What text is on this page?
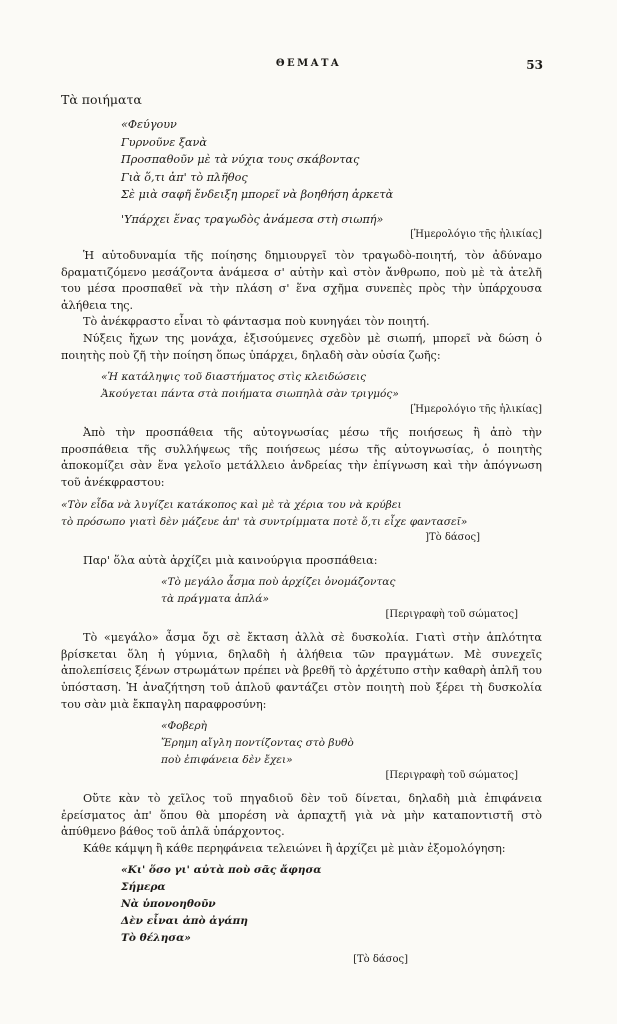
ΘΕΜΑΤΑ	53

Τὰ ποιήματα

«Φεύγουν
Γυρνοῦνε ξανὰ
Προσπαθοῦν μὲ τὰ νύχια τους σκάβοντας
Γιὰ ὅ,τι ἀπ' τὸ πλῆθος
Σὲ μιὰ σαφῆ ἔνδειξη μπορεῖ νὰ βοηθήση ἀρκετὰ
'Υπάρχει ἕνας τραγωδὸς ἀνάμεσα στὴ σιωπή»
[Ἡμερολόγιο τῆς ἡλικίας]

Ἡ αὐτοδυναμία τῆς ποίησης δημιουργεῖ τὸν τραγωδὸ-ποιητή, τὸν ἀδύναμο δραματιζόμενο μεσάζοντα ἀνάμεσα σ' αὐτὴν καὶ στὸν ἄνθρωπο, ποὺ μὲ τὰ ἀτελῆ του μέσα προσπαθεῖ νὰ τὴν πλάση σ' ἕνα σχῆμα συνεπὲς πρὸς τὴν ὑπάρχουσα ἀλήθεια της.

Τὸ ἀνέκφραστο εἶναι τὸ φάντασμα ποὺ κυνηγάει τὸν ποιητή.

Νύξεις ἤχων της μονάχα, ἐξισούμενες σχεδὸν μὲ σιωπή, μπορεῖ νὰ δώση ὁ ποιητὴς ποὺ ζῆ τὴν ποίηση ὅπως ὑπάρχει, δηλαδὴ σὰν οὐσία ζωῆς:

«Ἡ κατάληψις τοῦ διαστήματος στὶς κλειδώσεις
Ἀκούγεται πάντα στὰ ποιήματα σιωπηλὰ σὰν τριγμός»
[Ἡμερολόγιο τῆς ἡλικίας]

Ἀπὸ τὴν προσπάθεια τῆς αὐτογνωσίας μέσω τῆς ποιήσεως ἢ ἀπὸ τὴν προσπάθεια τῆς συλλήψεως τῆς ποιήσεως μέσω τῆς αὐτογνωσίας, ὁ ποιητὴς ἀποκομίζει σὰν ἕνα γελοῖο μετάλλειο ἀνδρείας τὴν ἐπίγνωση καὶ τὴν ἀπόγνωση τοῦ ἀνέκφραστου:

«Τὸν εἶδα νὰ λυγίζει κατάκοπος καὶ μὲ τὰ χέρια του νὰ κρύβει
τὸ πρόσωπο γιατὶ δὲν μάζευε ἀπ' τὰ συντρίμματα ποτὲ ὅ,τι εἶχε φαντασεῖ»
]Τὸ δάσος]

Παρ' ὅλα αὐτὰ ἀρχίζει μιὰ καινούργια προσπάθεια:

«Τὸ μεγάλο ἆσμα ποὺ ἀρχίζει ὀνομάζοντας
τὰ πράγματα ἁπλά»
[Περιγραφὴ τοῦ σώματος]

Τὸ «μεγάλο» ἆσμα ὄχι σὲ ἔκταση ἀλλὰ σὲ δυσκολία. Γιατὶ στὴν ἁπλότητα βρίσκεται ὅλη ἡ γύμνια, δηλαδὴ ἡ ἀλήθεια τῶν πραγμάτων. Μὲ συνεχεῖς ἀπολεπίσεις ξένων στρωμάτων πρέπει νὰ βρεθῆ τὸ ἀρχέτυπο στὴν καθαρὴ ἁπλῆ του ὑπόσταση. Ἡ ἀναζήτηση τοῦ ἁπλοῦ φαντάζει στὸν ποιητὴ ποὺ ξέρει τὴ δυσκολία του σὰν μιὰ ἔκπαγλη παραφροσύνη:

«Φοβερὴ
Ἔρημη αἴγλη ποντίζοντας στὸ βυθὸ
ποὺ ἐπιφάνεια δὲν ἔχει»
[Περιγραφὴ τοῦ σώματος]

Οὔτε κὰν τὸ χεῖλος τοῦ πηγαδιοῦ δὲν τοῦ δίνεται, δηλαδὴ μιὰ ἐπιφάνεια ἐρείσματος ἀπ' ὅπου θὰ μπορέση νὰ ἁρπαχτῆ γιὰ νὰ μὴν καταποντιστῆ στὸ ἀπύθμενο βάθος τοῦ ἁπλᾶ ὑπάρχοντος.

Κάθε κάμψη ἢ κάθε περηφάνεια τελειώνει ἢ ἀρχίζει μὲ μιὰν ἐξομολόγηση:

«Κι' ὅσο γι' αὐτὰ ποὺ σᾶς ἄφησα
Σήμερα
Νὰ ὑπονοηθοῦν
Δὲν εἶναι ἀπὸ ἀγάπη
Τὸ θέλησα»
[Τὸ δάσος]
